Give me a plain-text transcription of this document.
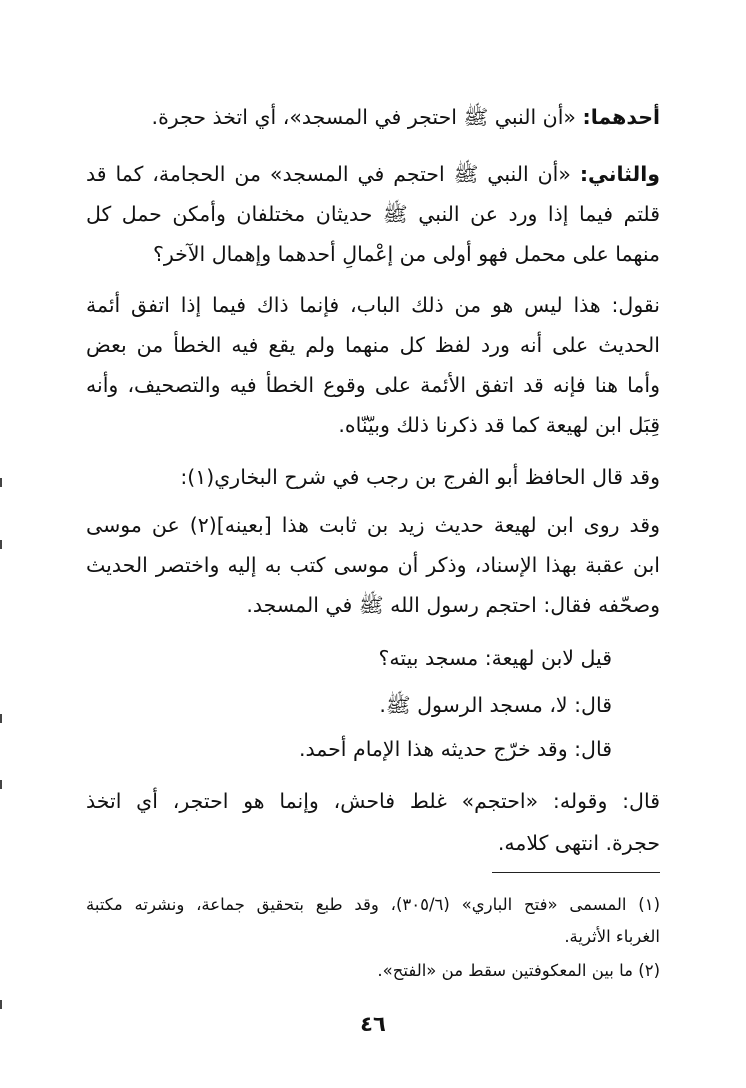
أحدهما: «أن النبي ﷺ احتجر في المسجد»، أي اتخذ حجرة.
والثاني: «أن النبي ﷺ احتجم في المسجد» من الحجامة، كما قد
قلتم فيما إذا ورد عن النبي ﷺ حديثان مختلفان وأمكن حمل كل
منهما على محمل فهو أولى من إعْمالِ أحدهما وإهمال الآخر؟
نقول: هذا ليس هو من ذلك الباب، فإنما ذاك فيما إذا اتفق أئمة
الحديث على أنه ورد لفظ كل منهما ولم يقع فيه الخطأ من بعض
وأما هنا فإنه قد اتفق الأئمة على وقوع الخطأ فيه والتصحيف، وأنه
قِبَل ابن لهيعة كما قد ذكرنا ذلك وبيّنّاه.
وقد قال الحافظ أبو الفرج بن رجب في شرح البخاري(١):
وقد روى ابن لهيعة حديث زيد بن ثابت هذا [بعينه](٢) عن موسى
ابن عقبة بهذا الإسناد، وذكر أن موسى كتب به إليه واختصر الحديث
وصحّفه فقال: احتجم رسول الله ﷺ في المسجد.
قيل لابن لهيعة: مسجد بيته؟
قال: لا، مسجد الرسول ﷺ.
قال: وقد خرّج حديثه هذا الإمام أحمد.
قال: وقوله: «احتجم» غلط فاحش، وإنما هو احتجر، أي اتخذ
حجرة. انتهى كلامه.
(١) المسمى «فتح الباري» (٣٠٥/٦)، وقد طبع بتحقيق جماعة، ونشرته مكتبة
الغرباء الأثرية.
(٢) ما بين المعكوفتين سقط من «الفتح».
٤٦
